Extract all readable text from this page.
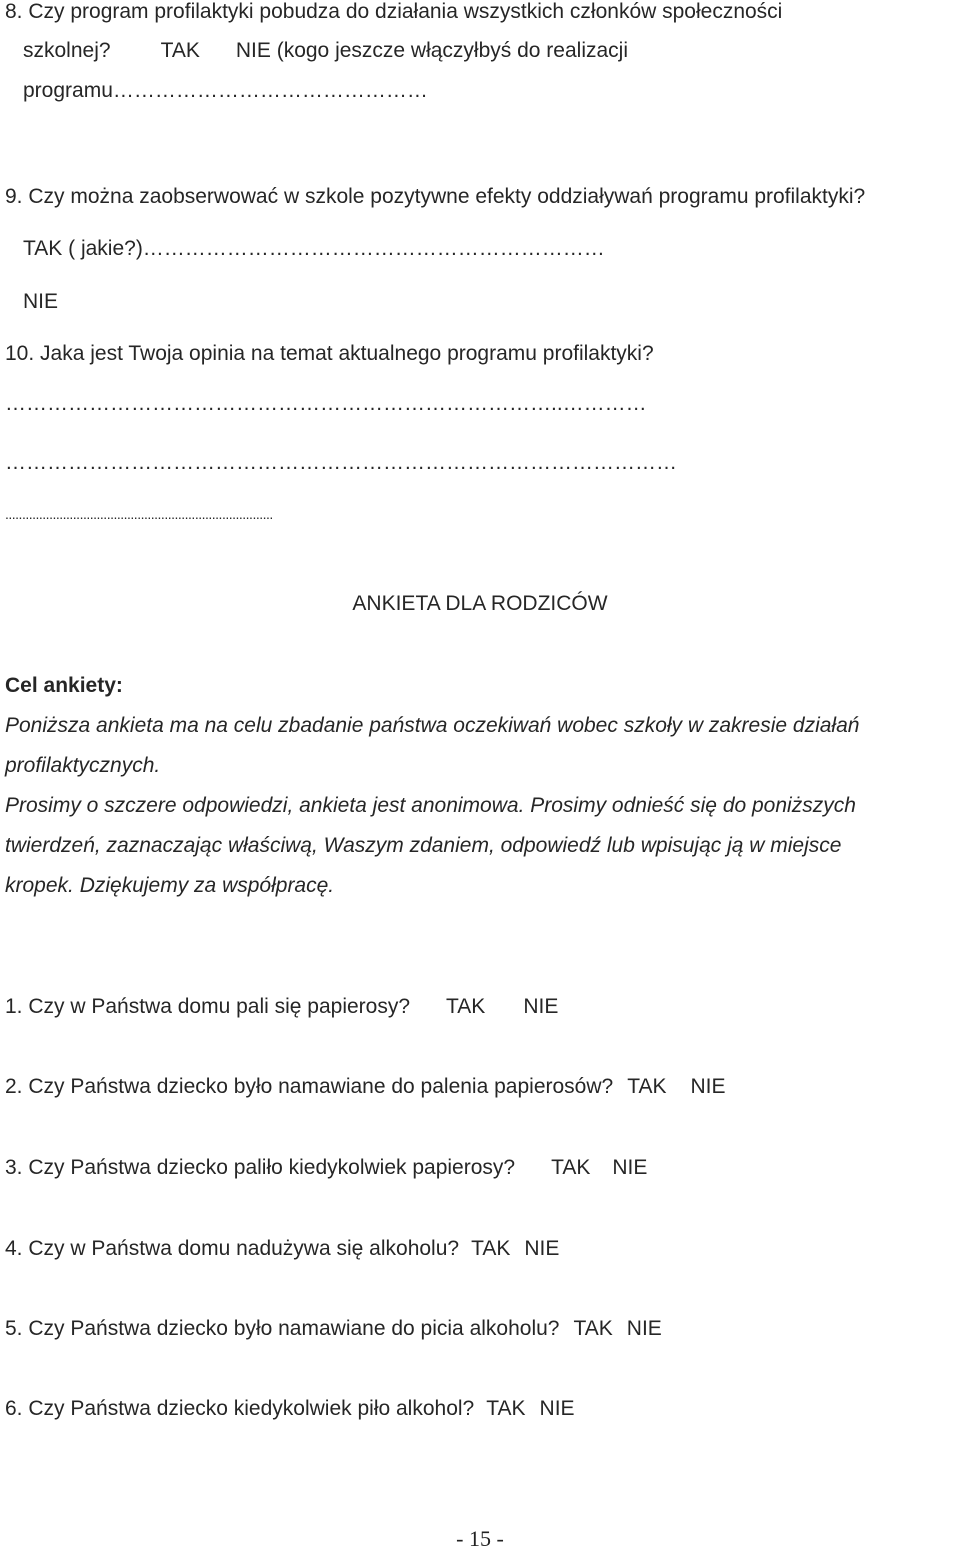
8. Czy program profilaktyki pobudza do działania wszystkich członków społeczności
szkolnej? TAK NIE (kogo jeszcze włączyłbyś do realizacji
programu………………………………………
9. Czy można zaobserwować w szkole pozytywne efekty oddziaływań programu profilaktyki?
TAK ( jakie?)…………………………………………………………
NIE
10. Jaka jest Twoja opinia na temat aktualnego programu profilaktyki?
……………………………………………………………………..…………
……………………………………………………………………………………
...............................................................................
ANKIETA DLA RODZICÓW
Cel ankiety:
Poniższa ankieta ma na celu zbadanie państwa oczekiwań wobec szkoły w zakresie działań
profilaktycznych.
Prosimy o szczere odpowiedzi, ankieta jest anonimowa. Prosimy odnieść się do poniższych
twierdzeń, zaznaczając właściwą, Waszym zdaniem, odpowiedź lub wpisując ją w miejsce
kropek. Dziękujemy za współpracę.
1. Czy w Państwa domu pali się papierosy? TAK NIE
2. Czy Państwa dziecko było namawiane do palenia papierosów? TAK NIE
3. Czy Państwa dziecko paliło kiedykolwiek papierosy? TAK NIE
4. Czy w Państwa domu nadużywa się alkoholu? TAK NIE
5. Czy Państwa dziecko było namawiane do picia alkoholu? TAK NIE
6. Czy Państwa dziecko kiedykolwiek piło alkohol? TAK NIE
- 15 -
